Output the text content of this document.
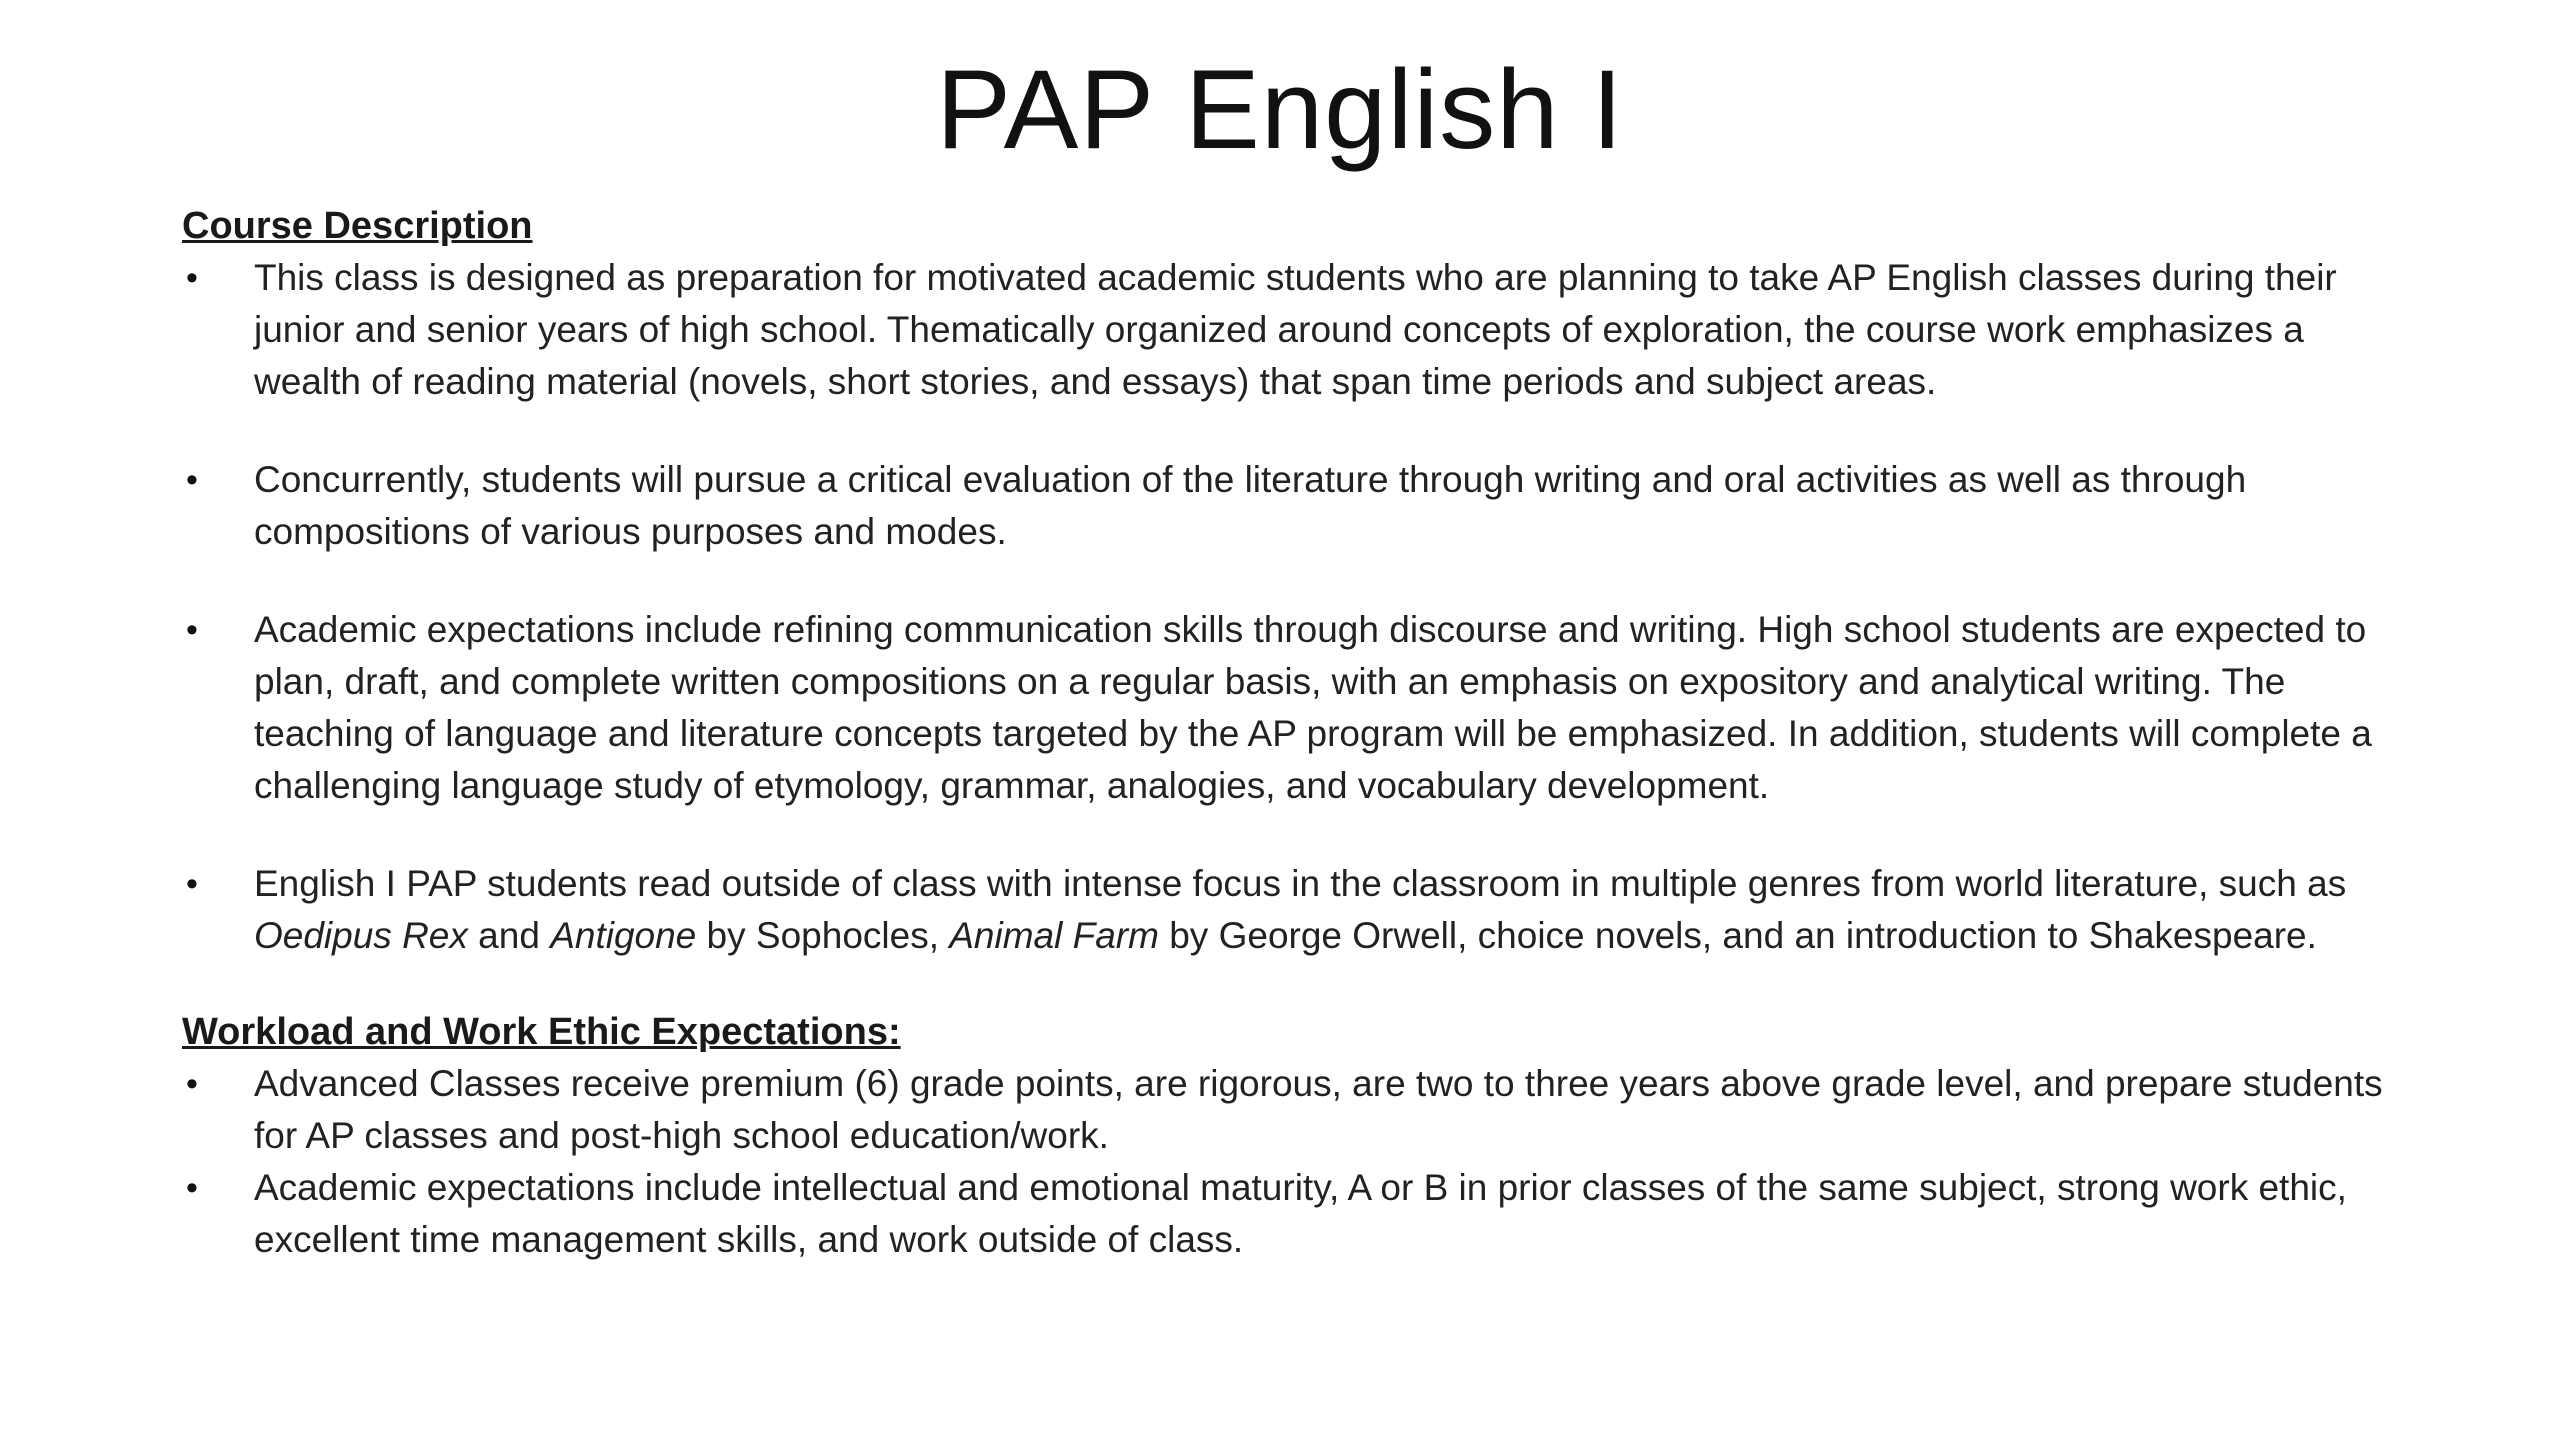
PAP English I

Course Description

•	This class is designed as preparation for motivated academic students who are planning to take AP English classes during their junior and senior years of high school. Thematically organized around concepts of exploration, the course work emphasizes a wealth of reading material (novels, short stories, and essays) that span time periods and subject areas.
•	Concurrently, students will pursue a critical evaluation of the literature through writing and oral activities as well as through compositions of various purposes and modes.
•	Academic expectations include refining communication skills through discourse and writing. High school students are expected to plan, draft, and complete written compositions on a regular basis, with an emphasis on expository and analytical writing. The teaching of language and literature concepts targeted by the AP program will be emphasized. In addition, students will complete a challenging language study of etymology, grammar, analogies, and vocabulary development.
•	English I PAP students read outside of class with intense focus in the classroom in multiple genres from world literature, such as Oedipus Rex and Antigone by Sophocles, Animal Farm by George Orwell, choice novels, and an introduction to Shakespeare.

Workload and Work Ethic Expectations:

•	Advanced Classes receive premium (6) grade points, are rigorous, are two to three years above grade level, and prepare students for AP classes and post-high school education/work.
•	Academic expectations include intellectual and emotional maturity, A or B in prior classes of the same subject, strong work ethic, excellent time management skills, and work outside of class.
